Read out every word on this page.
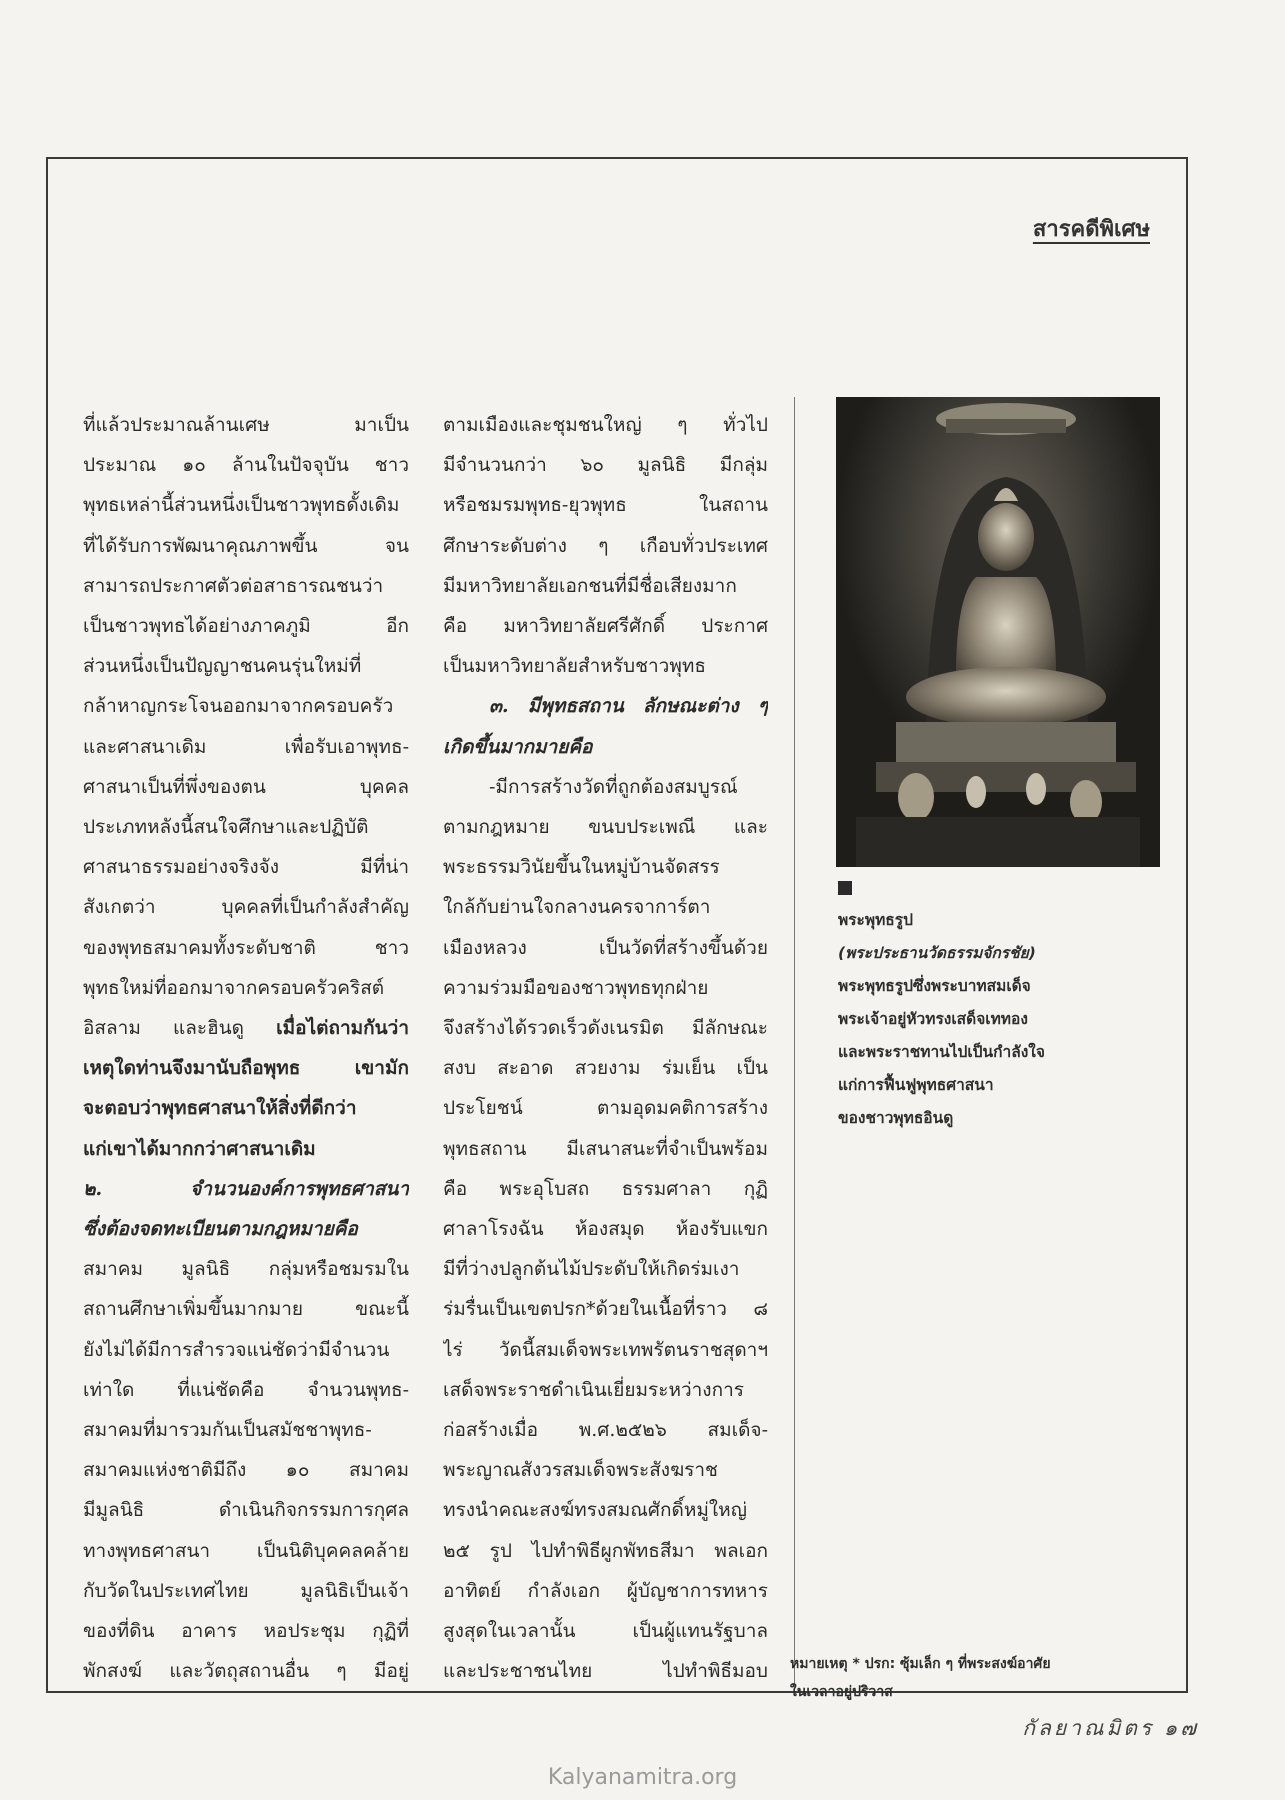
สารคดีพิเศษ
ที่แล้วประมาณล้านเศษ มาเป็น
ประมาณ ๑๐ ล้านในปัจจุบัน ชาว
พุทธเหล่านี้ส่วนหนึ่งเป็นชาวพุทธดั้งเดิม
ที่ได้รับการพัฒนาคุณภาพขึ้น จน
สามารถประกาศตัวต่อสาธารณชนว่า
เป็นชาวพุทธได้อย่างภาคภูมิ อีก
ส่วนหนึ่งเป็นปัญญาชนคนรุ่นใหม่ที่
กล้าหาญกระโจนออกมาจากครอบครัว
และศาสนาเดิม เพื่อรับเอาพุทธ-
ศาสนาเป็นที่พึ่งของตน บุคคล
ประเภทหลังนี้สนใจศึกษาและปฏิบัติ
ศาสนาธรรมอย่างจริงจัง มีที่น่า
สังเกตว่า บุคคลที่เป็นกำลังสำคัญ
ของพุทธสมาคมทั้งระดับชาติ ชาว
พุทธใหม่ที่ออกมาจากครอบครัวคริสต์
อิสลาม และฮินดู เมื่อไต่ถามกันว่า
เหตุใดท่านจึงมานับถือพุทธ เขามัก
จะตอบว่าพุทธศาสนาให้สิ่งที่ดีกว่า
แก่เขาได้มากกว่าศาสนาเดิม
๒. จำนวนองค์การพุทธศาสนา
ซึ่งต้องจดทะเบียนตามกฎหมายคือ
สมาคม มูลนิธิ กลุ่มหรือชมรมใน
สถานศึกษาเพิ่มขึ้นมากมาย ขณะนี้
ยังไม่ได้มีการสำรวจแน่ชัดว่ามีจำนวน
เท่าใด ที่แน่ชัดคือ จำนวนพุทธ-
สมาคมที่มารวมกันเป็นสมัชชาพุทธ-
สมาคมแห่งชาติมีถึง ๑๐ สมาคม
มีมูลนิธิ ดำเนินกิจกรรมการกุศล
ทางพุทธศาสนา เป็นนิติบุคคลคล้าย
กับวัดในประเทศไทย มูลนิธิเป็นเจ้า
ของที่ดิน อาคาร หอประชุม กุฏิที่
พักสงฆ์ และวัตถุสถานอื่น ๆ มีอยู่
ตามเมืองและชุมชนใหญ่ ๆ ทั่วไป
มีจำนวนกว่า ๖๐ มูลนิธิ มีกลุ่ม
หรือชมรมพุทธ-ยุวพุทธ ในสถาน
ศึกษาระดับต่าง ๆ เกือบทั่วประเทศ
มีมหาวิทยาลัยเอกชนที่มีชื่อเสียงมาก
คือ มหาวิทยาลัยศรีศักดิ์ ประกาศ
เป็นมหาวิทยาลัยสำหรับชาวพุทธ
๓. มีพุทธสถาน ลักษณะต่าง ๆ
เกิดขึ้นมากมายคือ
-มีการสร้างวัดที่ถูกต้องสมบูรณ์
ตามกฎหมาย ขนบประเพณี และ
พระธรรมวินัยขึ้นในหมู่บ้านจัดสรร
ใกล้กับย่านใจกลางนครจาการ์ตา
เมืองหลวง เป็นวัดที่สร้างขึ้นด้วย
ความร่วมมือของชาวพุทธทุกฝ่าย
จึงสร้างได้รวดเร็วดังเนรมิต มีลักษณะ
สงบ สะอาด สวยงาม ร่มเย็น เป็น
ประโยชน์ ตามอุดมคติการสร้าง
พุทธสถาน มีเสนาสนะที่จำเป็นพร้อม
คือ พระอุโบสถ ธรรมศาลา กุฏิ
ศาลาโรงฉัน ห้องสมุด ห้องรับแขก
มีที่ว่างปลูกต้นไม้ประดับให้เกิดร่มเงา
ร่มรื่นเป็นเขตปรก*ด้วยในเนื้อที่ราว ๘
ไร่ วัดนี้สมเด็จพระเทพรัตนราชสุดาฯ
เสด็จพระราชดำเนินเยี่ยมระหว่างการ
ก่อสร้างเมื่อ พ.ศ.๒๕๒๖ สมเด็จ-
พระญาณสังวรสมเด็จพระสังฆราช
ทรงนำคณะสงฆ์ทรงสมณศักดิ์หมู่ใหญ่
๒๕ รูป ไปทำพิธีผูกพัทธสีมา พลเอก
อาทิตย์ กำลังเอก ผู้บัญชาการทหาร
สูงสุดในเวลานั้น เป็นผู้แทนรัฐบาล
และประชาชนไทย ไปทำพิธีมอบ
พระพุทธรูป
(พระประธานวัดธรรมจักรชัย)
พระพุทธรูปซึ่งพระบาทสมเด็จ
พระเจ้าอยู่หัวทรงเสด็จเททอง
และพระราชทานไปเป็นกำลังใจ
แก่การฟื้นฟูพุทธศาสนา
ของชาวพุทธอินดู
หมายเหตุ * ปรก: ซุ้มเล็ก ๆ ที่พระสงฆ์อาศัย
ในเวลาอยู่ปริวาส
กัลยาณมิตร ๑๗
Kalyanamitra.org
